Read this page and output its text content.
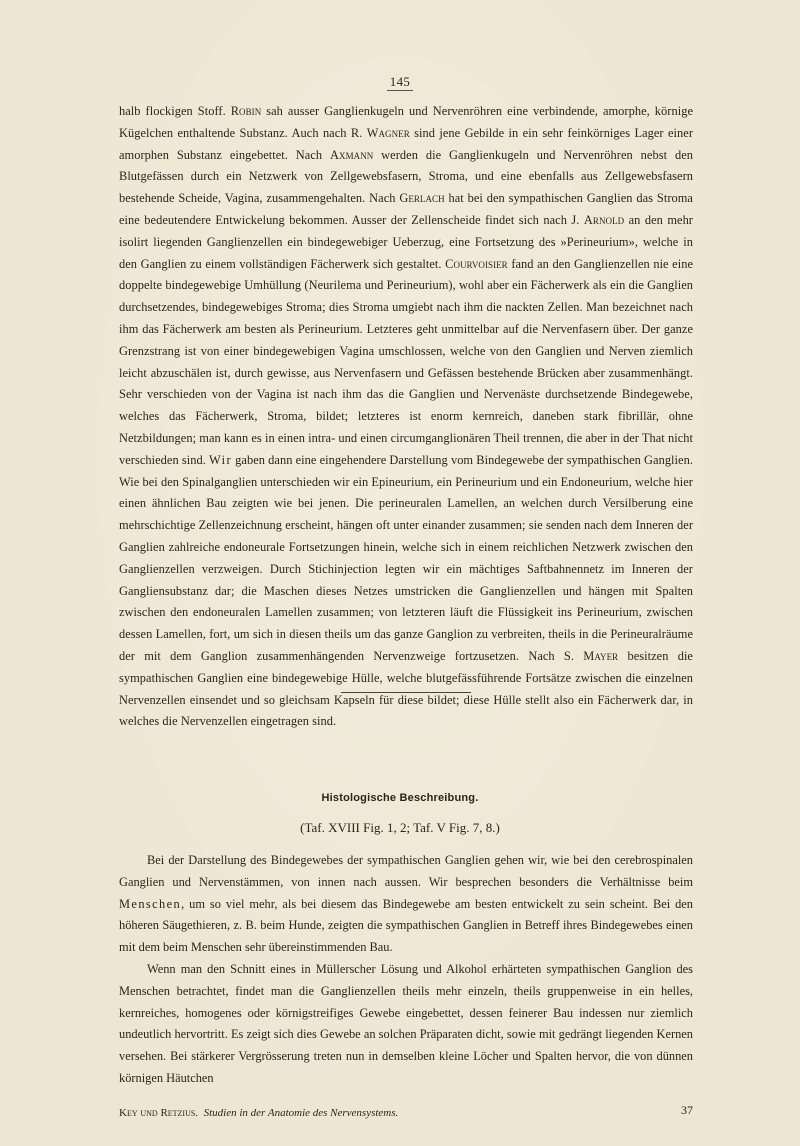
145

halb flockigen Stoff. Robin sah ausser Ganglienkugeln und Nervenröhren eine verbindende, amorphe, körnige Kügelchen enthaltende Substanz. Auch nach R. Wagner sind jene Gebilde in ein sehr feinkörniges Lager einer amorphen Substanz eingebettet. Nach Axmann werden die Ganglienkugeln und Nervenröhren nebst den Blutgefässen durch ein Netzwerk von Zellgewebsfasern, Stroma, und eine ebenfalls aus Zellgewebsfasern bestehende Scheide, Vagina, zusammengehalten. Nach Gerlach hat bei den sympathischen Ganglien das Stroma eine bedeutendere Entwickelung bekommen. Ausser der Zellenscheide findet sich nach J. Arnold an den mehr isolirt liegenden Ganglienzellen ein bindegewebiger Ueberzug, eine Fortsetzung des »Perineurium», welche in den Ganglien zu einem vollständigen Fächerwerk sich gestaltet. Courvoisier fand an den Ganglienzellen nie eine doppelte bindegewebige Umhüllung (Neurilema und Perineurium), wohl aber ein Fächerwerk als ein die Ganglien durchsetzendes, bindegewebiges Stroma; dies Stroma umgiebt nach ihm die nackten Zellen. Man bezeichnet nach ihm das Fächerwerk am besten als Perineurium. Letzteres geht unmittelbar auf die Nervenfasern über. Der ganze Grenzstrang ist von einer bindegewebigen Vagina umschlossen, welche von den Ganglien und Nerven ziemlich leicht abzuschälen ist, durch gewisse, aus Nervenfasern und Gefässen bestehende Brücken aber zusammenhängt. Sehr verschieden von der Vagina ist nach ihm das die Ganglien und Nervenäste durchsetzende Bindegewebe, welches das Fächerwerk, Stroma, bildet; letzteres ist enorm kernreich, daneben stark fibrillär, ohne Netzbildungen; man kann es in einen intra- und einen circumganglionären Theil trennen, die aber in der That nicht verschieden sind. Wir gaben dann eine eingehendere Darstellung vom Bindegewebe der sympathischen Ganglien. Wie bei den Spinalganglien unterschieden wir ein Epineurium, ein Perineurium und ein Endoneurium, welche hier einen ähnlichen Bau zeigten wie bei jenen. Die perineuralen Lamellen, an welchen durch Versilberung eine mehrschichtige Zellenzeichnung erscheint, hängen oft unter einander zusammen; sie senden nach dem Inneren der Ganglien zahlreiche endoneurale Fortsetzungen hinein, welche sich in einem reichlichen Netzwerk zwischen den Ganglienzellen verzweigen. Durch Stichinjection legten wir ein mächtiges Saftbahnennetz im Inneren der Gangliensubstanz dar; die Maschen dieses Netzes umstricken die Ganglienzellen und hängen mit Spalten zwischen den endoneuralen Lamellen zusammen; von letzteren läuft die Flüssigkeit ins Perineurium, zwischen dessen Lamellen, fort, um sich in diesen theils um das ganze Ganglion zu verbreiten, theils in die Perineuralräume der mit dem Ganglion zusammenhängenden Nervenzweige fortzusetzen. Nach S. Mayer besitzen die sympathischen Ganglien eine bindegewebige Hülle, welche blutgefässführende Fortsätze zwischen die einzelnen Nervenzellen einsendet und so gleichsam Kapseln für diese bildet; diese Hülle stellt also ein Fächerwerk dar, in welches die Nervenzellen eingetragen sind.

Histologische Beschreibung.
(Taf. XVIII Fig. 1, 2; Taf. V Fig. 7, 8.)

Bei der Darstellung des Bindegewebes der sympathischen Ganglien gehen wir, wie bei den cerebrospinalen Ganglien und Nervenstämmen, von innen nach aussen. Wir besprechen besonders die Verhältnisse beim Menschen, um so viel mehr, als bei diesem das Bindegewebe am besten entwickelt zu sein scheint. Bei den höheren Säugethieren, z. B. beim Hunde, zeigten die sympathischen Ganglien in Betreff ihres Bindegewebes einen mit dem beim Menschen sehr übereinstimmenden Bau.

Wenn man den Schnitt eines in Müllerscher Lösung und Alkohol erhärteten sympathischen Ganglion des Menschen betrachtet, findet man die Ganglienzellen theils mehr einzeln, theils gruppenweise in ein helles, kernreiches, homogenes oder körnigstreifiges Gewebe eingebettet, dessen feinerer Bau indessen nur ziemlich undeutlich hervortritt. Es zeigt sich dies Gewebe an solchen Präparaten dicht, sowie mit gedrängt liegenden Kernen versehen. Bei stärkerer Vergrösserung treten nun in demselben kleine Löcher und Spalten hervor, die von dünnen körnigen Häutchen

Key und Retzius. Studien in der Anatomie des Nervensystems.	37
